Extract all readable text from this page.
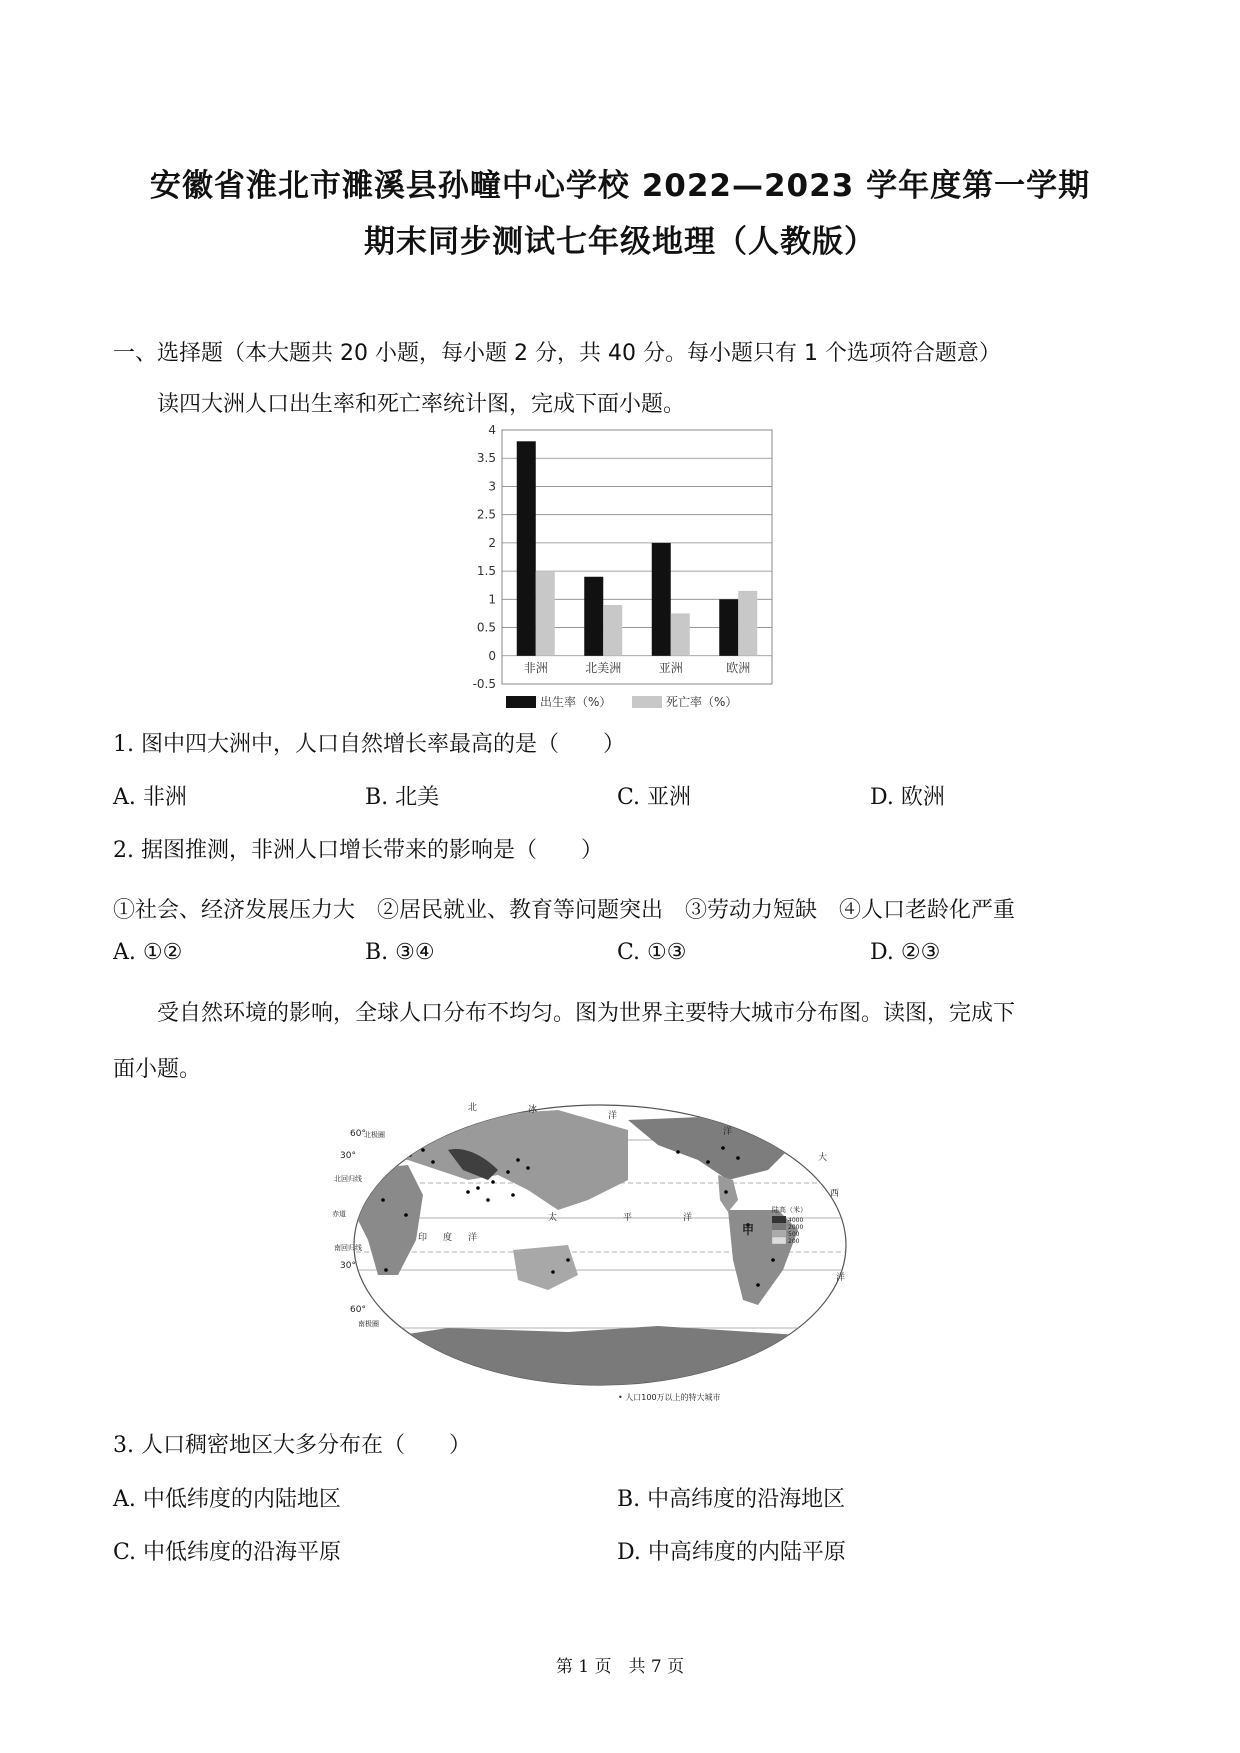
安徽省淮北市濉溪县孙疃中心学校 2022—2023 学年度第一学期
期末同步测试七年级地理（人教版）
一、选择题（本大题共 20 小题，每小题 2 分，共 40 分。每小题只有 1 个选项符合题意）
读四大洲人口出生率和死亡率统计图，完成下面小题。
4
3.5
3
2.5
2
1.5
1
0.5
0
-0.5
非洲	北美洲	亚洲	欧洲
出生率（%）	死亡率（%）
1. 图中四大洲中，人口自然增长率最高的是（　　）
A. 非洲	B. 北美	C. 亚洲	D. 欧洲
2. 据图推测，非洲人口增长带来的影响是（　　）
①社会、经济发展压力大　②居民就业、教育等问题突出　③劳动力短缺　④人口老龄化严重
A. ①②	B. ③④	C. ①③	D. ②③
受自然环境的影响，全球人口分布不均匀。图为世界主要特大城市分布图。读图，完成下
面小题。
北	冰
洋
60°
北极圈
30°
北回归线
赤道
南回归线
30°
60°
南极圈
印 度 洋
太	平	洋
洋
大
西
洋
甲
陆高（米）
4000
2000
500
200
• 人口100万以上的特大城市
3. 人口稠密地区大多分布在（　　）
A. 中低纬度的内陆地区	B. 中高纬度的沿海地区
C. 中低纬度的沿海平原	D. 中高纬度的内陆平原
第 1 页　共 7 页
